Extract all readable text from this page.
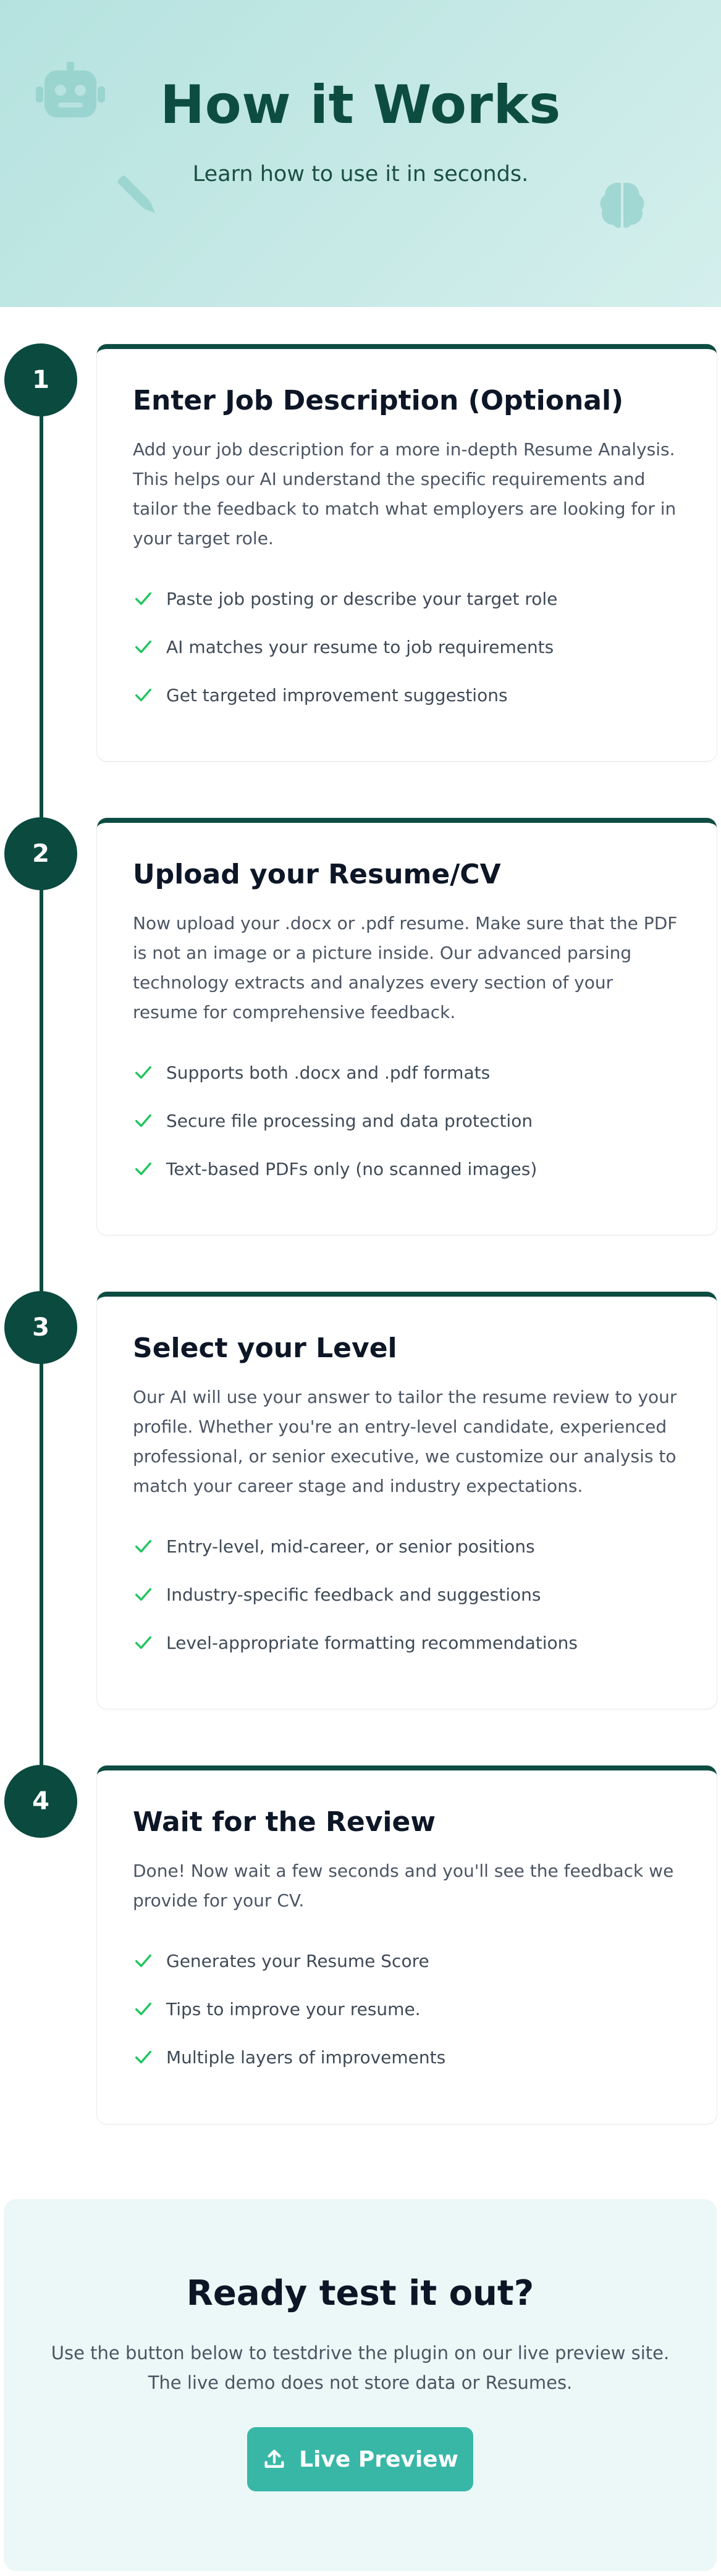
How it Works

Learn how to use it in seconds.

1
Enter Job Description (Optional)

Add your job description for a more in-depth Resume Analysis. This helps our AI understand the specific requirements and tailor the feedback to match what employers are looking for in your target role.

Paste job posting or describe your target role
AI matches your resume to job requirements
Get targeted improvement suggestions
2
Upload your Resume/CV

Now upload your .docx or .pdf resume. Make sure that the PDF is not an image or a picture inside. Our advanced parsing technology extracts and analyzes every section of your resume for comprehensive feedback.

Supports both .docx and .pdf formats
Secure file processing and data protection
Text-based PDFs only (no scanned images)
3
Select your Level

Our AI will use your answer to tailor the resume review to your profile. Whether you're an entry-level candidate, experienced professional, or senior executive, we customize our analysis to match your career stage and industry expectations.

Entry-level, mid-career, or senior positions
Industry-specific feedback and suggestions
Level-appropriate formatting recommendations
4
Wait for the Review

Done! Now wait a few seconds and you'll see the feedback we provide for your CV.

Generates your Resume Score
Tips to improve your resume.
Multiple layers of improvements
Ready test it out?

Use the button below to testdrive the plugin on our live preview site. The live demo does not store data or Resumes.

Live Preview
